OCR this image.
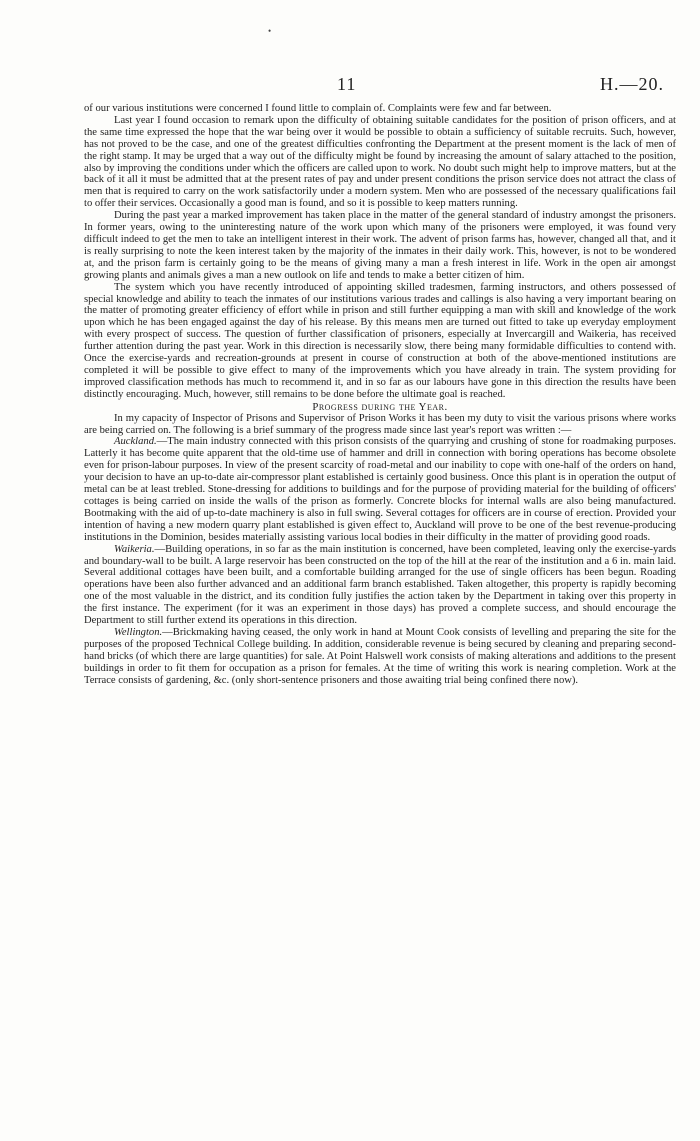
•
11	H.—20.

of our various institutions were concerned I found little to complain of. Complaints were few and far between.

Last year I found occasion to remark upon the difficulty of obtaining suitable candidates for the position of prison officers, and at the same time expressed the hope that the war being over it would be possible to obtain a sufficiency of suitable recruits. Such, however, has not proved to be the case, and one of the greatest difficulties confronting the Department at the present moment is the lack of men of the right stamp. It may be urged that a way out of the difficulty might be found by increasing the amount of salary attached to the position, also by improving the conditions under which the officers are called upon to work. No doubt such might help to improve matters, but at the back of it all it must be admitted that at the present rates of pay and under present conditions the prison service does not attract the class of men that is required to carry on the work satisfactorily under a modern system. Men who are possessed of the necessary qualifications fail to offer their services. Occasionally a good man is found, and so it is possible to keep matters running.

During the past year a marked improvement has taken place in the matter of the general standard of industry amongst the prisoners. In former years, owing to the uninteresting nature of the work upon which many of the prisoners were employed, it was found very difficult indeed to get the men to take an intelligent interest in their work. The advent of prison farms has, however, changed all that, and it is really surprising to note the keen interest taken by the majority of the inmates in their daily work. This, however, is not to be wondered at, and the prison farm is certainly going to be the means of giving many a man a fresh interest in life. Work in the open air amongst growing plants and animals gives a man a new outlook on life and tends to make a better citizen of him.

The system which you have recently introduced of appointing skilled tradesmen, farming instructors, and others possessed of special knowledge and ability to teach the inmates of our institutions various trades and callings is also having a very important bearing on the matter of promoting greater efficiency of effort while in prison and still further equipping a man with skill and knowledge of the work upon which he has been engaged against the day of his release. By this means men are turned out fitted to take up everyday employment with every prospect of success. The question of further classification of prisoners, especially at Invercargill and Waikeria, has received further attention during the past year. Work in this direction is necessarily slow, there being many formidable difficulties to contend with. Once the exercise-yards and recreation-grounds at present in course of construction at both of the above-mentioned institutions are completed it will be possible to give effect to many of the improvements which you have already in train. The system providing for improved classification methods has much to recommend it, and in so far as our labours have gone in this direction the results have been distinctly encouraging. Much, however, still remains to be done before the ultimate goal is reached.

Progress during the Year.

In my capacity of Inspector of Prisons and Supervisor of Prison Works it has been my duty to visit the various prisons where works are being carried on. The following is a brief summary of the progress made since last year's report was written :—

Auckland.—The main industry connected with this prison consists of the quarrying and crushing of stone for roadmaking purposes. Latterly it has become quite apparent that the old-time use of hammer and drill in connection with boring operations has become obsolete even for prison-labour purposes. In view of the present scarcity of road-metal and our inability to cope with one-half of the orders on hand, your decision to have an up-to-date air-compressor plant established is certainly good business. Once this plant is in operation the output of metal can be at least trebled. Stone-dressing for additions to buildings and for the purpose of providing material for the building of officers' cottages is being carried on inside the walls of the prison as formerly. Concrete blocks for internal walls are also being manufactured. Bootmaking with the aid of up-to-date machinery is also in full swing. Several cottages for officers are in course of erection. Provided your intention of having a new modern quarry plant established is given effect to, Auckland will prove to be one of the best revenue-producing institutions in the Dominion, besides materially assisting various local bodies in their difficulty in the matter of providing good roads.

Waikeria.—Building operations, in so far as the main institution is concerned, have been completed, leaving only the exercise-yards and boundary-wall to be built. A large reservoir has been constructed on the top of the hill at the rear of the institution and a 6 in. main laid. Several additional cottages have been built, and a comfortable building arranged for the use of single officers has been begun. Roading operations have been also further advanced and an additional farm branch established. Taken altogether, this property is rapidly becoming one of the most valuable in the district, and its condition fully justifies the action taken by the Department in taking over this property in the first instance. The experiment (for it was an experiment in those days) has proved a complete success, and should encourage the Department to still further extend its operations in this direction.

Wellington.—Brickmaking having ceased, the only work in hand at Mount Cook consists of levelling and preparing the site for the purposes of the proposed Technical College building. In addition, considerable revenue is being secured by cleaning and preparing second-hand bricks (of which there are large quantities) for sale. At Point Halswell work consists of making alterations and additions to the present buildings in order to fit them for occupation as a prison for females. At the time of writing this work is nearing completion. Work at the Terrace consists of gardening, &c. (only short-sentence prisoners and those awaiting trial being confined there now).
